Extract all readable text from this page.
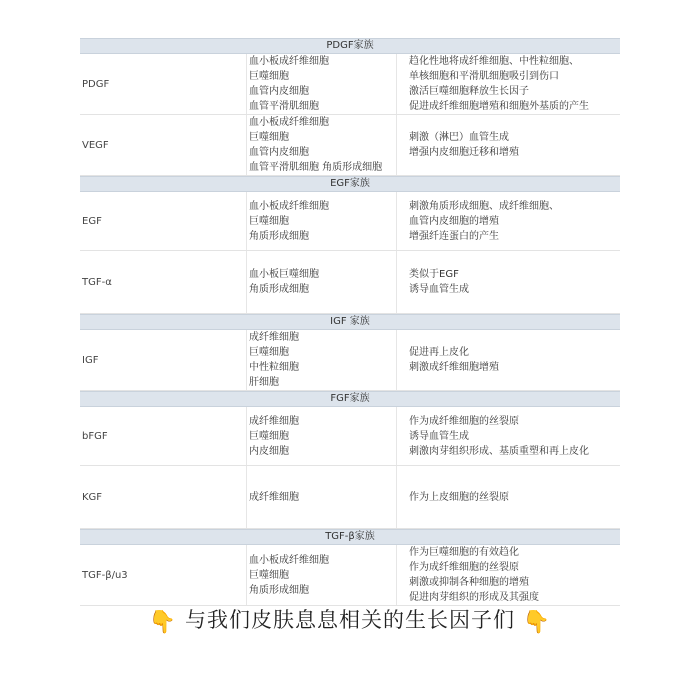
PDGF家族
PDGF
血小板成纤维细胞
巨噬细胞
血管内皮细胞
血管平滑肌细胞
趋化性地将成纤维细胞、中性粒细胞、
单核细胞和平滑肌细胞吸引到伤口
激活巨噬细胞释放生长因子
促进成纤维细胞增殖和细胞外基质的产生
VEGF
血小板成纤维细胞
巨噬细胞
血管内皮细胞
血管平滑肌细胞 角质形成细胞
刺激（淋巴）血管生成
增强内皮细胞迁移和增殖
EGF家族
EGF
血小板成纤维细胞
巨噬细胞
角质形成细胞
刺激角质形成细胞、成纤维细胞、
血管内皮细胞的增殖
增强纤连蛋白的产生
TGF-α
血小板巨噬细胞
角质形成细胞
类似于EGF
诱导血管生成
IGF 家族
IGF
成纤维细胞
巨噬细胞
中性粒细胞
肝细胞
促进再上皮化
刺激成纤维细胞增殖
FGF家族
bFGF
成纤维细胞
巨噬细胞
内皮细胞
作为成纤维细胞的丝裂原
诱导血管生成
刺激肉芽组织形成、基质重塑和再上皮化
KGF	成纤维细胞	作为上皮细胞的丝裂原
TGF-β家族
TGF-β/u3
血小板成纤维细胞
巨噬细胞
角质形成细胞
作为巨噬细胞的有效趋化
作为成纤维细胞的丝裂原
刺激或抑制各种细胞的增殖
促进肉芽组织的形成及其强度
👇 与我们皮肤息息相关的生长因子们 👇
